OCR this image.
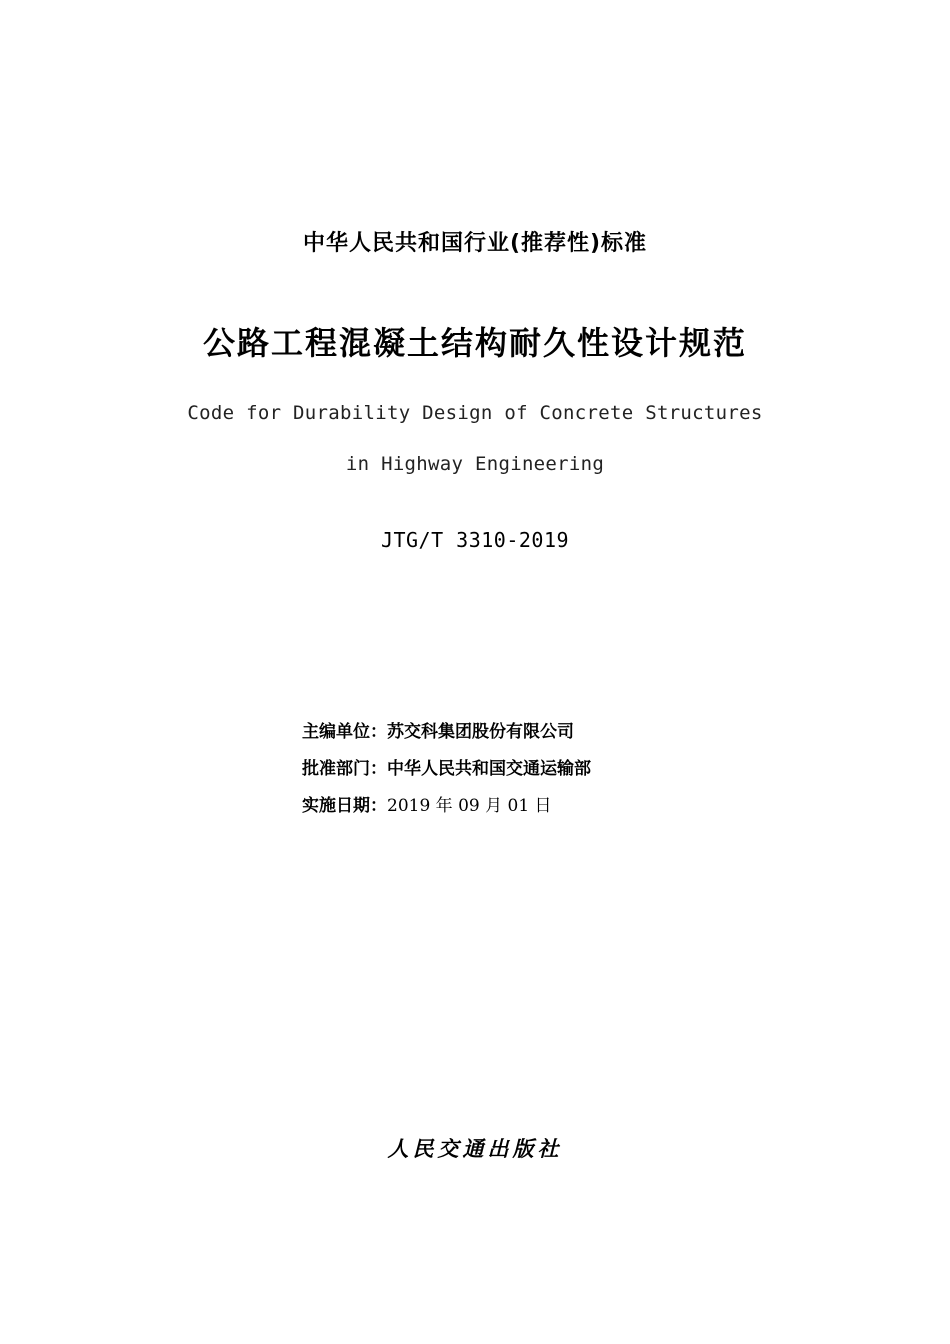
中华人民共和国行业(推荐性)标准
公路工程混凝土结构耐久性设计规范
Code for Durability Design of Concrete Structures
in Highway Engineering
JTG/T 3310-2019
主编单位：苏交科集团股份有限公司
批准部门：中华人民共和国交通运输部
实施日期：2019 年 09 月 01 日
人民交通出版社
